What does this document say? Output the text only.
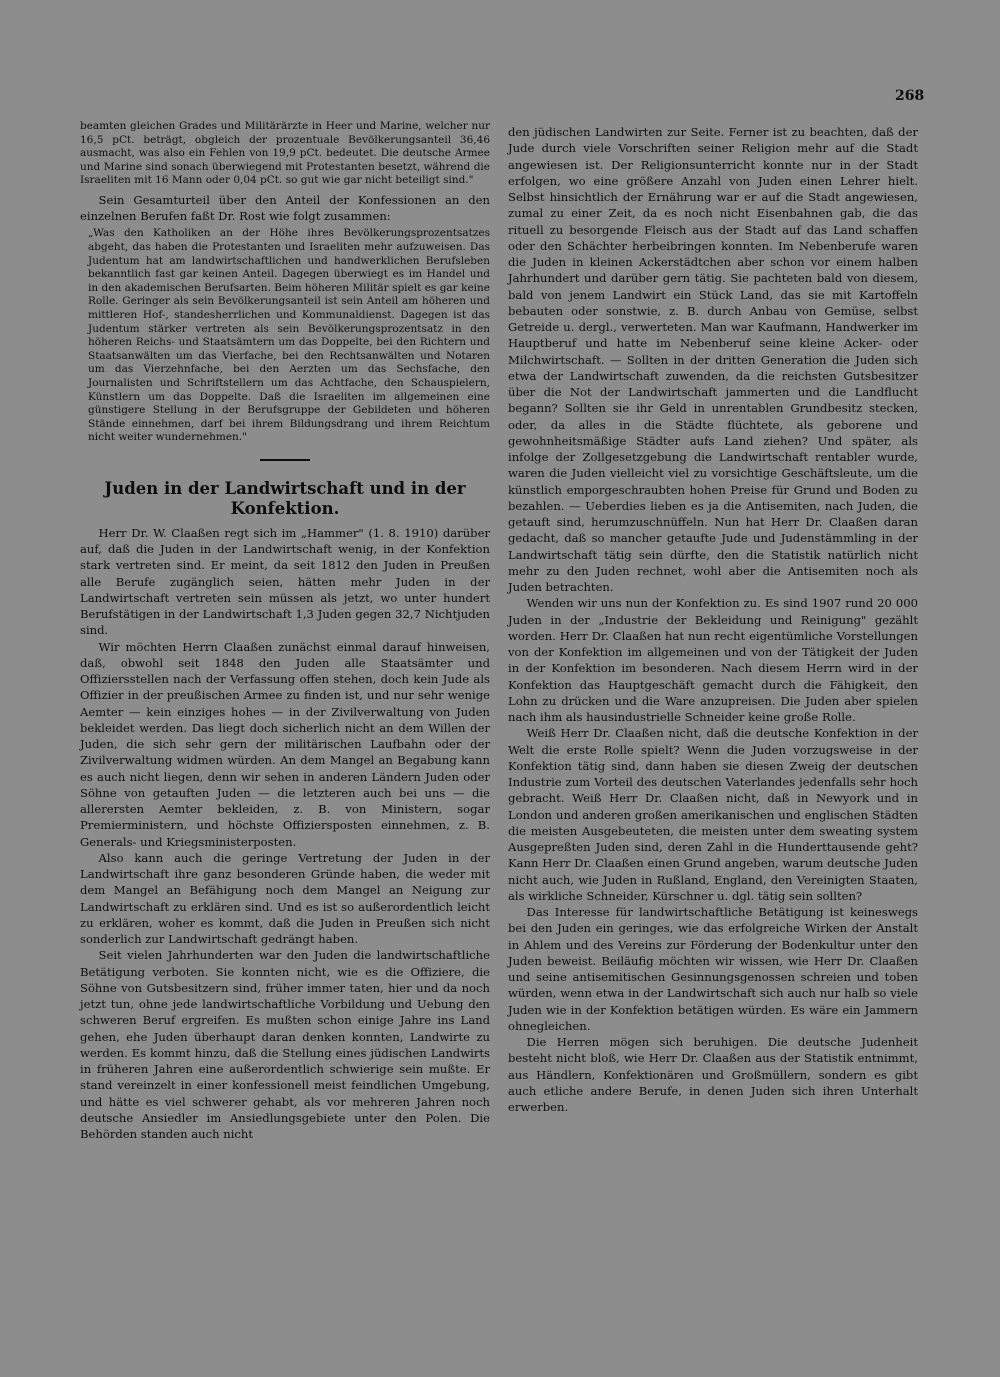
268

beamten gleichen Grades und Militärärzte in Heer und Marine, welcher nur 16,5 pCt. beträgt, obgleich der prozentuale Bevölkerungsanteil 36,46 ausmacht, was also ein Fehlen von 19,9 pCt. bedeutet. Die deutsche Armee und Marine sind sonach überwiegend mit Protestanten besetzt, während die Israeliten mit 16 Mann oder 0,04 pCt. so gut wie gar nicht beteiligt sind."

Sein Gesamturteil über den Anteil der Konfessionen an den einzelnen Berufen faßt Dr. Rost wie folgt zusammen:

„Was den Katholiken an der Höhe ihres Bevölkerungsprozentsatzes abgeht, das haben die Protestanten und Israeliten mehr aufzuweisen. Das Judentum hat am landwirtschaftlichen und handwerklichen Berufsleben bekanntlich fast gar keinen Anteil. Dagegen überwiegt es im Handel und in den akademischen Berufsarten. Beim höheren Militär spielt es gar keine Rolle. Geringer als sein Bevölkerungsanteil ist sein Anteil am höheren und mittleren Hof-, standesherrlichen und Kommunaldienst. Dagegen ist das Judentum stärker vertreten als sein Bevölkerungsprozentsatz in den höheren Reichs- und Staatsämtern um das Doppelte, bei den Richtern und Staatsanwälten um das Vierfache, bei den Rechtsanwälten und Notaren um das Vierzehnfache, bei den Aerzten um das Sechsfache, den Journalisten und Schriftstellern um das Achtfache, den Schauspielern, Künstlern um das Doppelte. Daß die Israeliten im allgemeinen eine günstigere Stellung in der Berufsgruppe der Gebildeten und höheren Stände einnehmen, darf bei ihrem Bildungsdrang und ihrem Reichtum nicht weiter wundernehmen."

Juden in der Landwirtschaft und in der Konfektion.

Herr Dr. W. Claaßen regt sich im „Hammer" (1. 8. 1910) darüber auf, daß die Juden in der Landwirtschaft wenig, in der Konfektion stark vertreten sind. Er meint, da seit 1812 den Juden in Preußen alle Berufe zugänglich seien, hätten mehr Juden in der Landwirtschaft vertreten sein müssen als jetzt, wo unter hundert Berufstätigen in der Landwirtschaft 1,3 Juden gegen 32,7 Nichtjuden sind.

Wir möchten Herrn Claaßen zunächst einmal darauf hinweisen, daß, obwohl seit 1848 den Juden alle Staatsämter und Offiziersstellen nach der Verfassung offen stehen, doch kein Jude als Offizier in der preußischen Armee zu finden ist, und nur sehr wenige Aemter — kein einziges hohes — in der Zivilverwaltung von Juden bekleidet werden. Das liegt doch sicherlich nicht an dem Willen der Juden, die sich sehr gern der militärischen Laufbahn oder der Zivilverwaltung widmen würden. An dem Mangel an Begabung kann es auch nicht liegen, denn wir sehen in anderen Ländern Juden oder Söhne von getauften Juden — die letzteren auch bei uns — die allerersten Aemter bekleiden, z. B. von Ministern, sogar Premierministern, und höchste Offiziersposten einnehmen, z. B. Generals- und Kriegsministerposten.

Also kann auch die geringe Vertretung der Juden in der Landwirtschaft ihre ganz besonderen Gründe haben, die weder mit dem Mangel an Befähigung noch dem Mangel an Neigung zur Landwirtschaft zu erklären sind. Und es ist so außerordentlich leicht zu erklären, woher es kommt, daß die Juden in Preußen sich nicht sonderlich zur Landwirtschaft gedrängt haben.

Seit vielen Jahrhunderten war den Juden die landwirtschaftliche Betätigung verboten. Sie konnten nicht, wie es die Offiziere, die Söhne von Gutsbesitzern sind, früher immer taten, hier und da noch jetzt tun, ohne jede landwirtschaftliche Vorbildung und Uebung den schweren Beruf ergreifen. Es mußten schon einige Jahre ins Land gehen, ehe Juden überhaupt daran denken konnten, Landwirte zu werden. Es kommt hinzu, daß die Stellung eines jüdischen Landwirts in früheren Jahren eine außerordentlich schwierige sein mußte. Er stand vereinzelt in einer konfessionell meist feindlichen Umgebung, und hätte es viel schwerer gehabt, als vor mehreren Jahren noch deutsche Ansiedler im Ansiedlungsgebiete unter den Polen. Die Behörden standen auch nicht

den jüdischen Landwirten zur Seite. Ferner ist zu beachten, daß der Jude durch viele Vorschriften seiner Religion mehr auf die Stadt angewiesen ist. Der Religionsunterricht konnte nur in der Stadt erfolgen, wo eine größere Anzahl von Juden einen Lehrer hielt. Selbst hinsichtlich der Ernährung war er auf die Stadt angewiesen, zumal zu einer Zeit, da es noch nicht Eisenbahnen gab, die das rituell zu besorgende Fleisch aus der Stadt auf das Land schaffen oder den Schächter herbeibringen konnten. Im Nebenberufe waren die Juden in kleinen Ackerstädtchen aber schon vor einem halben Jahrhundert und darüber gern tätig. Sie pachteten bald von diesem, bald von jenem Landwirt ein Stück Land, das sie mit Kartoffeln bebauten oder sonstwie, z. B. durch Anbau von Gemüse, selbst Getreide u. dergl., verwerteten. Man war Kaufmann, Handwerker im Hauptberuf und hatte im Nebenberuf seine kleine Acker- oder Milchwirtschaft. — Sollten in der dritten Generation die Juden sich etwa der Landwirtschaft zuwenden, da die reichsten Gutsbesitzer über die Not der Landwirtschaft jammerten und die Landflucht begann? Sollten sie ihr Geld in unrentablen Grundbesitz stecken, oder, da alles in die Städte flüchtete, als geborene und gewohnheitsmäßige Städter aufs Land ziehen? Und später, als infolge der Zollgesetzgebung die Landwirtschaft rentabler wurde, waren die Juden vielleicht viel zu vorsichtige Geschäftsleute, um die künstlich emporgeschraubten hohen Preise für Grund und Boden zu bezahlen. — Ueberdies lieben es ja die Antisemiten, nach Juden, die getauft sind, herumzuschnüffeln. Nun hat Herr Dr. Claaßen daran gedacht, daß so mancher getaufte Jude und Judenstämmling in der Landwirtschaft tätig sein dürfte, den die Statistik natürlich nicht mehr zu den Juden rechnet, wohl aber die Antisemiten noch als Juden betrachten.

Wenden wir uns nun der Konfektion zu. Es sind 1907 rund 20 000 Juden in der „Industrie der Bekleidung und Reinigung" gezählt worden. Herr Dr. Claaßen hat nun recht eigentümliche Vorstellungen von der Konfektion im allgemeinen und von der Tätigkeit der Juden in der Konfektion im besonderen. Nach diesem Herrn wird in der Konfektion das Hauptgeschäft gemacht durch die Fähigkeit, den Lohn zu drücken und die Ware anzupreisen. Die Juden aber spielen nach ihm als hausindustrielle Schneider keine große Rolle.

Weiß Herr Dr. Claaßen nicht, daß die deutsche Konfektion in der Welt die erste Rolle spielt? Wenn die Juden vorzugsweise in der Konfektion tätig sind, dann haben sie diesen Zweig der deutschen Industrie zum Vorteil des deutschen Vaterlandes jedenfalls sehr hoch gebracht. Weiß Herr Dr. Claaßen nicht, daß in Newyork und in London und anderen großen amerikanischen und englischen Städten die meisten Ausgebeuteten, die meisten unter dem sweating system Ausgepreßten Juden sind, deren Zahl in die Hunderttausende geht? Kann Herr Dr. Claaßen einen Grund angeben, warum deutsche Juden nicht auch, wie Juden in Rußland, England, den Vereinigten Staaten, als wirkliche Schneider, Kürschner u. dgl. tätig sein sollten?

Das Interesse für landwirtschaftliche Betätigung ist keineswegs bei den Juden ein geringes, wie das erfolgreiche Wirken der Anstalt in Ahlem und des Vereins zur Förderung der Bodenkultur unter den Juden beweist. Beiläufig möchten wir wissen, wie Herr Dr. Claaßen und seine antisemitischen Gesinnungsgenossen schreien und toben würden, wenn etwa in der Landwirtschaft sich auch nur halb so viele Juden wie in der Konfektion betätigen würden. Es wäre ein Jammern ohnegleichen.

Die Herren mögen sich beruhigen. Die deutsche Judenheit besteht nicht bloß, wie Herr Dr. Claaßen aus der Statistik entnimmt, aus Händlern, Konfektionären und Großmüllern, sondern es gibt auch etliche andere Berufe, in denen Juden sich ihren Unterhalt erwerben.
